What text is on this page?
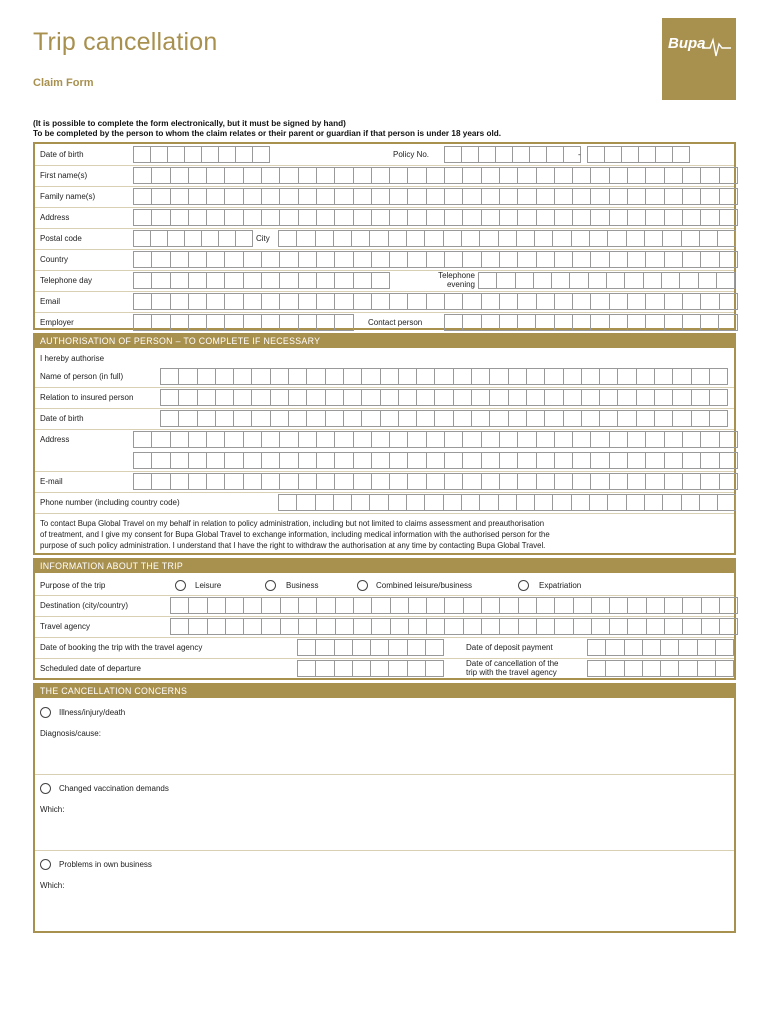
Trip cancellation
Claim Form
Bupa
(It is possible to complete the form electronically, but it must be signed by hand)
To be completed by the person to whom the claim relates or their parent or guardian if that person is under 18 years old.
Date of birth	Policy No.	-
First name(s)
Family name(s)
Address
Postal code	City
Country
Telephone day
Telephone
evening
Email
Employer	Contact person
AUTHORISATION OF PERSON – TO COMPLETE IF NECESSARY
I hereby authorise
Name of person (in full)
Relation to insured person
Date of birth
Address
E-mail
Phone number (including country code)
To contact Bupa Global Travel on my behalf in relation to policy administration, including but not limited to claims assessment and preauthorisation
of treatment, and I give my consent for Bupa Global Travel to exchange information, including medical information with the authorised person for the
purpose of such policy administration. I understand that I have the right to withdraw the authorisation at any time by contacting Bupa Global Travel.
INFORMATION ABOUT THE TRIP
Purpose of the trip	Leisure	Business	Combined leisure/business	Expatriation
Destination (city/country)
Travel agency
Date of booking the trip with the travel agency	Date of deposit payment
Scheduled date of departure
Date of cancellation of the
trip with the travel agency
THE CANCELLATION CONCERNS
Illness/injury/death
Diagnosis/cause:
Changed vaccination demands
Which:
Problems in own business
Which:
